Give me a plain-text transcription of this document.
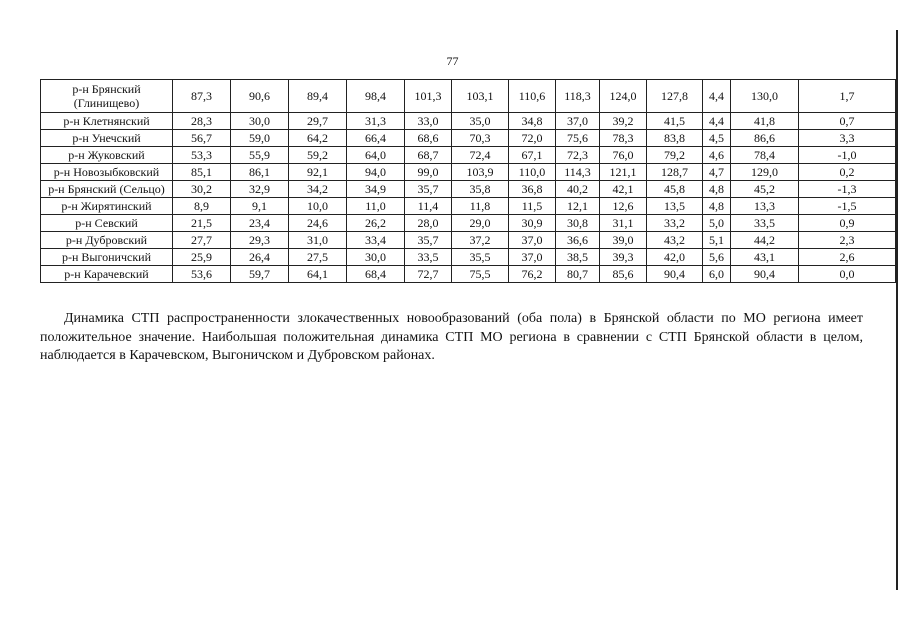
77
р-н Брянский (Глинищево)	87,3	90,6	89,4	98,4	101,3	103,1	110,6	118,3	124,0	127,8	4,4	130,0	1,7
р-н Клетнянский	28,3	30,0	29,7	31,3	33,0	35,0	34,8	37,0	39,2	41,5	4,4	41,8	0,7
р-н Унечский	56,7	59,0	64,2	66,4	68,6	70,3	72,0	75,6	78,3	83,8	4,5	86,6	3,3
р-н Жуковский	53,3	55,9	59,2	64,0	68,7	72,4	67,1	72,3	76,0	79,2	4,6	78,4	-1,0
р-н Новозыбковский	85,1	86,1	92,1	94,0	99,0	103,9	110,0	114,3	121,1	128,7	4,7	129,0	0,2
р-н Брянский (Сельцо)	30,2	32,9	34,2	34,9	35,7	35,8	36,8	40,2	42,1	45,8	4,8	45,2	-1,3
р-н Жирятинский	8,9	9,1	10,0	11,0	11,4	11,8	11,5	12,1	12,6	13,5	4,8	13,3	-1,5
р-н Севский	21,5	23,4	24,6	26,2	28,0	29,0	30,9	30,8	31,1	33,2	5,0	33,5	0,9
р-н Дубровский	27,7	29,3	31,0	33,4	35,7	37,2	37,0	36,6	39,0	43,2	5,1	44,2	2,3
р-н Выгоничский	25,9	26,4	27,5	30,0	33,5	35,5	37,0	38,5	39,3	42,0	5,6	43,1	2,6
р-н Карачевский	53,6	59,7	64,1	68,4	72,7	75,5	76,2	80,7	85,6	90,4	6,0	90,4	0,0

Динамика СТП распространенности злокачественных новообразований (оба пола) в Брянской области по МО региона имеет положительное значение. Наибольшая положительная динамика СТП МО региона в сравнении с СТП Брянской области в целом, наблюдается в Карачевском, Выгоничском и Дубровском районах.
